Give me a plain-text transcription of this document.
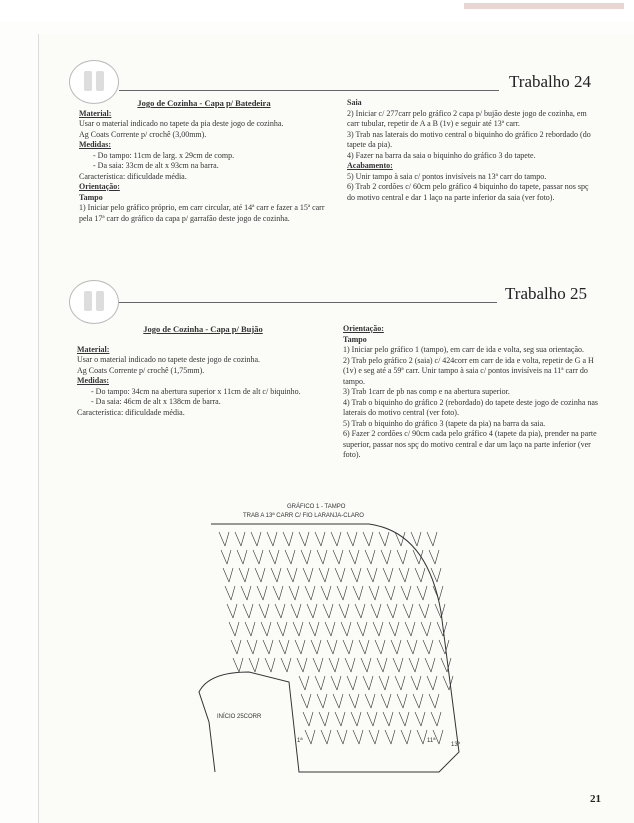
Trabalho 24

Jogo de Cozinha - Capa p/ Batedeira

Material:

Usar o material indicado no tapete da pia deste jogo de cozinha.

Ag Coats Corrente p/ crochê (3,00mm).

Medidas:

- Do tampo: 11cm de larg. x 29cm de comp.

- Da saia: 33cm de alt x 93cm na barra.

Característica: dificuldade média.

Orientação:

Tampo

1) Iniciar pelo gráfico próprio, em carr circular, até 14ª carr e fazer a 15ª carr pela 17ª carr do gráfico da capa p/ garrafão deste jogo de cozinha.

Saia

2) Iniciar c/ 277carr pelo gráfico 2 capa p/ bujão deste jogo de cozinha, em carr tubular, repetir de A a B (1v) e seguir até 13ª carr.

3) Trab nas laterais do motivo central o biquinho do gráfico 2 rebordado (do tapete da pia).

4) Fazer na barra da saia o biquinho do gráfico 3 do tapete.

Acabamento:

5) Unir tampo à saia c/ pontos invisíveis na 13ª carr do tampo.

6) Trab 2 cordões c/ 60cm pelo gráfico 4 biquinho do tapete, passar nos spç do motivo central e dar 1 laço na parte inferior da saia (ver foto).

Trabalho 25

Jogo de Cozinha - Capa p/ Bujão

Material:

Usar o material indicado no tapete deste jogo de cozinha.

Ag Coats Corrente p/ crochê (1,75mm).

Medidas:

- Do tampo: 34cm na abertura superior x 11cm de alt c/ biquinho.

- Da saia: 46cm de alt x 138cm de barra.

Característica: dificuldade média.

Orientação:

Tampo

1) Iniciar pelo gráfico 1 (tampo), em carr de ida e volta, seg sua orientação.

2) Trab pelo gráfico 2 (saia) c/ 424corr em carr de ida e volta, repetir de G a H (1v) e seg até a 59ª carr. Unir tampo à saia c/ pontos invisíveis na 11ª carr do tampo.

3) Trab 1carr de pb nas comp e na abertura superior.

4) Trab o biquinho do gráfico 2 (rebordado) do tapete deste jogo de cozinha nas laterais do motivo central (ver foto).

5) Trab o biquinho do gráfico 3 (tapete da pia) na barra da saia.

6) Fazer 2 cordões c/ 90cm cada pelo gráfico 4 (tapete da pia), prender na parte superior, passar nos spç do motivo central e dar um laço na parte inferior (ver foto).

GRÁFICO 1 - TAMPO
TRAB A 13ª CARR C/ FIO LARANJA-CLARO
INÍCIO 25CORR
1ª	11ª
13ª
21
